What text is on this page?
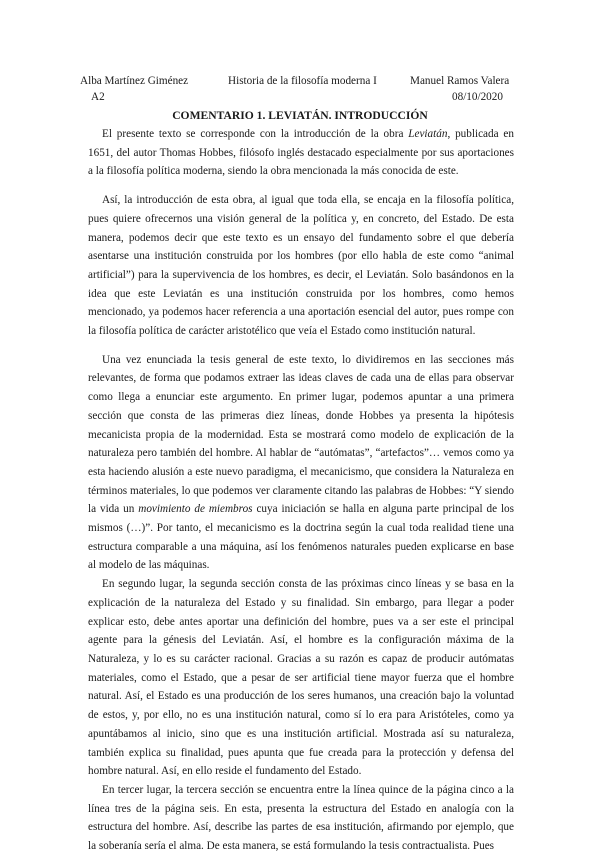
Alba Martínez Giménez
A2
Historia de la filosofía moderna I	Manuel Ramos Valera
08/10/2020
COMENTARIO 1. LEVIATÁN. INTRODUCCIÓN

El presente texto se corresponde con la introducción de la obra Leviatán, publicada en 1651, del autor Thomas Hobbes, filósofo inglés destacado especialmente por sus aportaciones a la filosofía política moderna, siendo la obra mencionada la más conocida de este.

Así, la introducción de esta obra, al igual que toda ella, se encaja en la filosofía política, pues quiere ofrecernos una visión general de la política y, en concreto, del Estado. De esta manera, podemos decir que este texto es un ensayo del fundamento sobre el que debería asentarse una institución construida por los hombres (por ello habla de este como “animal artificial”) para la supervivencia de los hombres, es decir, el Leviatán. Solo basándonos en la idea que este Leviatán es una institución construida por los hombres, como hemos mencionado, ya podemos hacer referencia a una aportación esencial del autor, pues rompe con la filosofía política de carácter aristotélico que veía el Estado como institución natural.

Una vez enunciada la tesis general de este texto, lo dividiremos en las secciones más relevantes, de forma que podamos extraer las ideas claves de cada una de ellas para observar como llega a enunciar este argumento. En primer lugar, podemos apuntar a una primera sección que consta de las primeras diez líneas, donde Hobbes ya presenta la hipótesis mecanicista propia de la modernidad. Esta se mostrará como modelo de explicación de la naturaleza pero también del hombre. Al hablar de “autómatas”, “artefactos”… vemos como ya esta haciendo alusión a este nuevo paradigma, el mecanicismo, que considera la Naturaleza en términos materiales, lo que podemos ver claramente citando las palabras de Hobbes: “Y siendo la vida un movimiento de miembros cuya iniciación se halla en alguna parte principal de los mismos (…)”. Por tanto, el mecanicismo es la doctrina según la cual toda realidad tiene una estructura comparable a una máquina, así los fenómenos naturales pueden explicarse en base al modelo de las máquinas.

En segundo lugar, la segunda sección consta de las próximas cinco líneas y se basa en la explicación de la naturaleza del Estado y su finalidad. Sin embargo, para llegar a poder explicar esto, debe antes aportar una definición del hombre, pues va a ser este el principal agente para la génesis del Leviatán. Así, el hombre es la configuración máxima de la Naturaleza, y lo es su carácter racional. Gracias a su razón es capaz de producir autómatas materiales, como el Estado, que a pesar de ser artificial tiene mayor fuerza que el hombre natural. Así, el Estado es una producción de los seres humanos, una creación bajo la voluntad de estos, y, por ello, no es una institución natural, como sí lo era para Aristóteles, como ya apuntábamos al inicio, sino que es una institución artificial. Mostrada así su naturaleza, también explica su finalidad, pues apunta que fue creada para la protección y defensa del hombre natural. Así, en ello reside el fundamento del Estado.

En tercer lugar, la tercera sección se encuentra entre la línea quince de la página cinco a la línea tres de la página seis. En esta, presenta la estructura del Estado en analogía con la estructura del hombre. Así, describe las partes de esa institución, afirmando por ejemplo, que la soberanía sería el alma. De esta manera, se está formulando la tesis contractualista. Pues
